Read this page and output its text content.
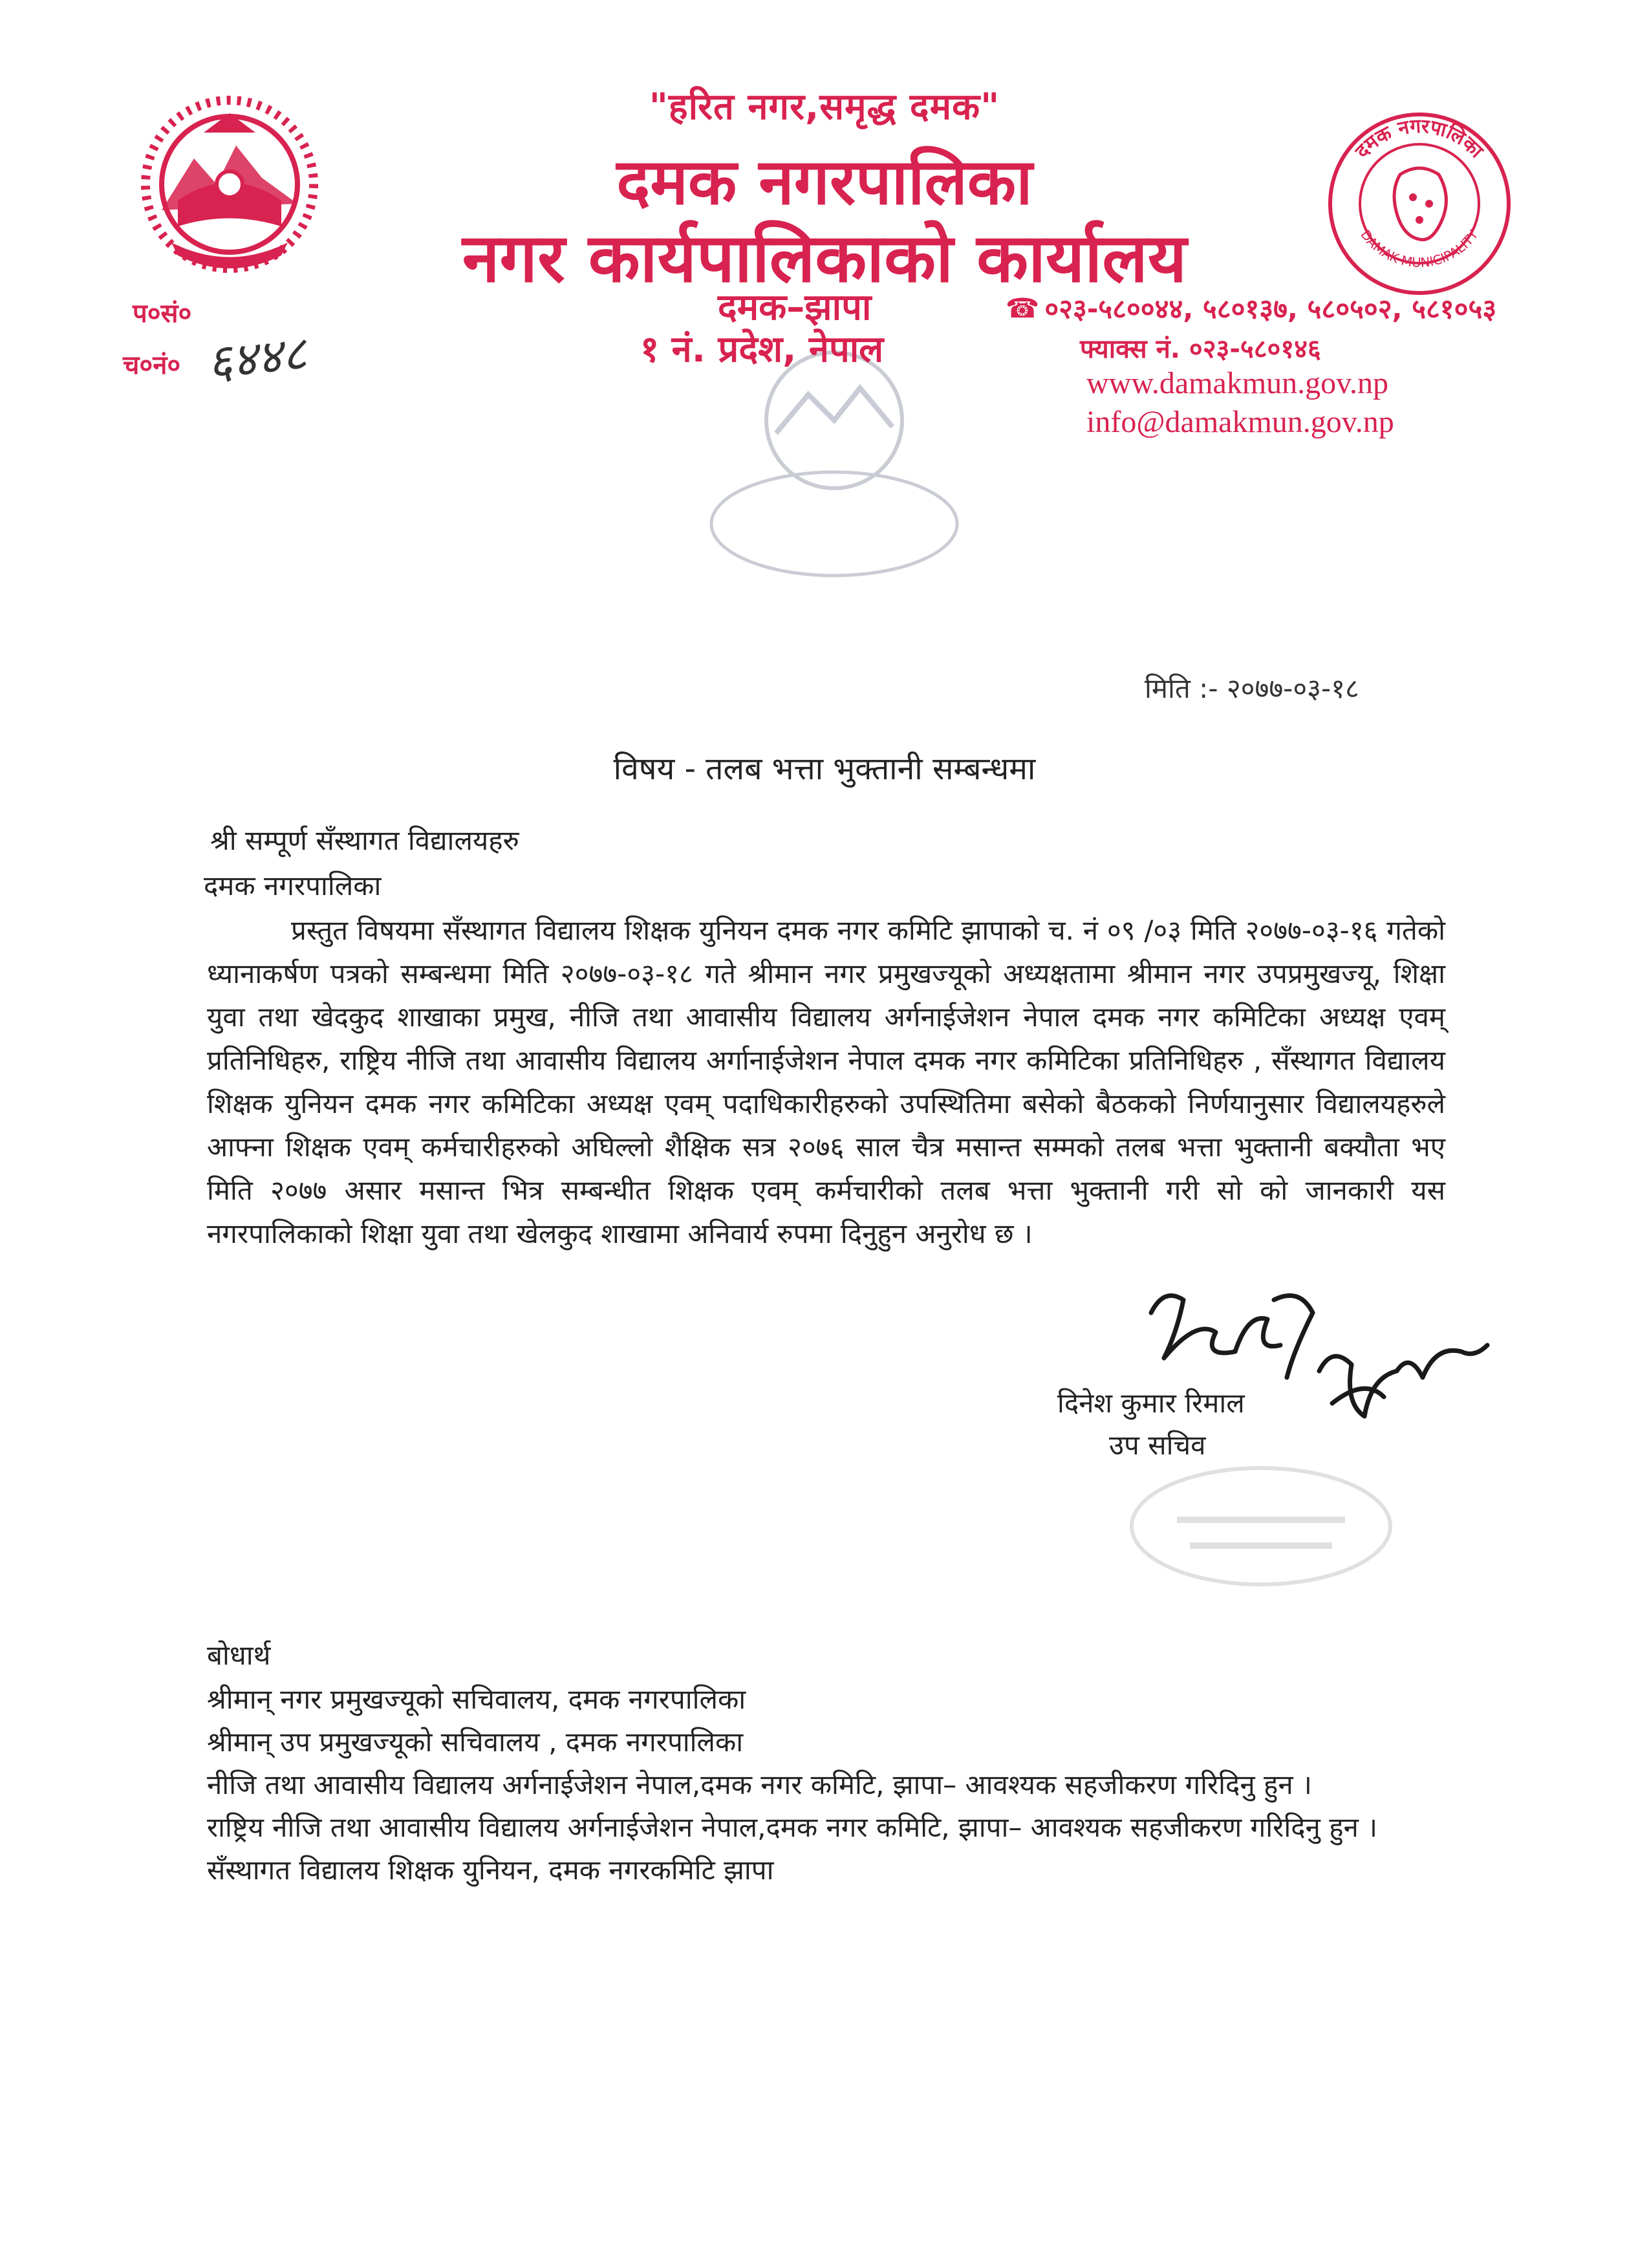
दमक नगरपालिका
DAMAK MUNICIPALITY
"हरित नगर,समृद्ध दमक"
दमक नगरपालिका
नगर कार्यपालिकाको कार्यालय
दमक–झापा
१ नं. प्रदेश, नेपाल
☎ ०२३-५८००४४, ५८०१३७, ५८०५०२, ५८१०५३
फ्याक्स नं. ०२३-५८०१४६
www.damakmun.gov.np
info@damakmun.gov.np
प०सं०
च०नं० ६४४८
मिति :- २०७७-०३-१८
विषय - तलब भत्ता भुक्तानी सम्बन्धमा
श्री सम्पूर्ण सँस्थागत विद्यालयहरु
दमक नगरपालिका
प्रस्तुत विषयमा सँस्थागत विद्यालय शिक्षक युनियन दमक नगर कमिटि झापाको च. नं ०९ /०३ मिति २०७७-०३-१६ गतेको ध्यानाकर्षण पत्रको सम्बन्धमा मिति २०७७-०३-१८ गते श्रीमान नगर प्रमुखज्यूको अध्यक्षतामा श्रीमान नगर उपप्रमुखज्यू, शिक्षा युवा तथा खेदकुद शाखाका प्रमुख, नीजि तथा आवासीय विद्यालय अर्गनाईजेशन नेपाल दमक नगर कमिटिका अध्यक्ष एवम् प्रतिनिधिहरु, राष्ट्रिय नीजि तथा आवासीय विद्यालय अर्गानाईजेशन नेपाल दमक नगर कमिटिका प्रतिनिधिहरु , सँस्थागत विद्यालय शिक्षक युनियन दमक नगर कमिटिका अध्यक्ष एवम् पदाधिकारीहरुको उपस्थितिमा बसेको बैठकको निर्णयानुसार विद्यालयहरुले आफ्ना शिक्षक एवम् कर्मचारीहरुको अघिल्लो शैक्षिक सत्र २०७६ साल चैत्र मसान्त सम्मको तलब भत्ता भुक्तानी बक्यौता भए मिति २०७७ असार मसान्त भित्र सम्बन्धीत शिक्षक एवम् कर्मचारीको तलब भत्ता भुक्तानी गरी सो को जानकारी यस नगरपालिकाको शिक्षा युवा तथा खेलकुद शाखामा अनिवार्य रुपमा दिनुहुन अनुरोध छ ।
दिनेश कुमार रिमाल
उप सचिव
बोधार्थ

श्रीमान् नगर प्रमुखज्यूको सचिवालय, दमक नगरपालिका

श्रीमान् उप प्रमुखज्यूको सचिवालय , दमक नगरपालिका

नीजि तथा आवासीय विद्यालय अर्गनाईजेशन नेपाल,दमक नगर कमिटि, झापा– आवश्यक सहजीकरण गरिदिनु हुन ।

राष्ट्रिय नीजि तथा आवासीय विद्यालय अर्गनाईजेशन नेपाल,दमक नगर कमिटि, झापा– आवश्यक सहजीकरण गरिदिनु हुन ।

सँस्थागत विद्यालय शिक्षक युनियन, दमक नगरकमिटि झापा
